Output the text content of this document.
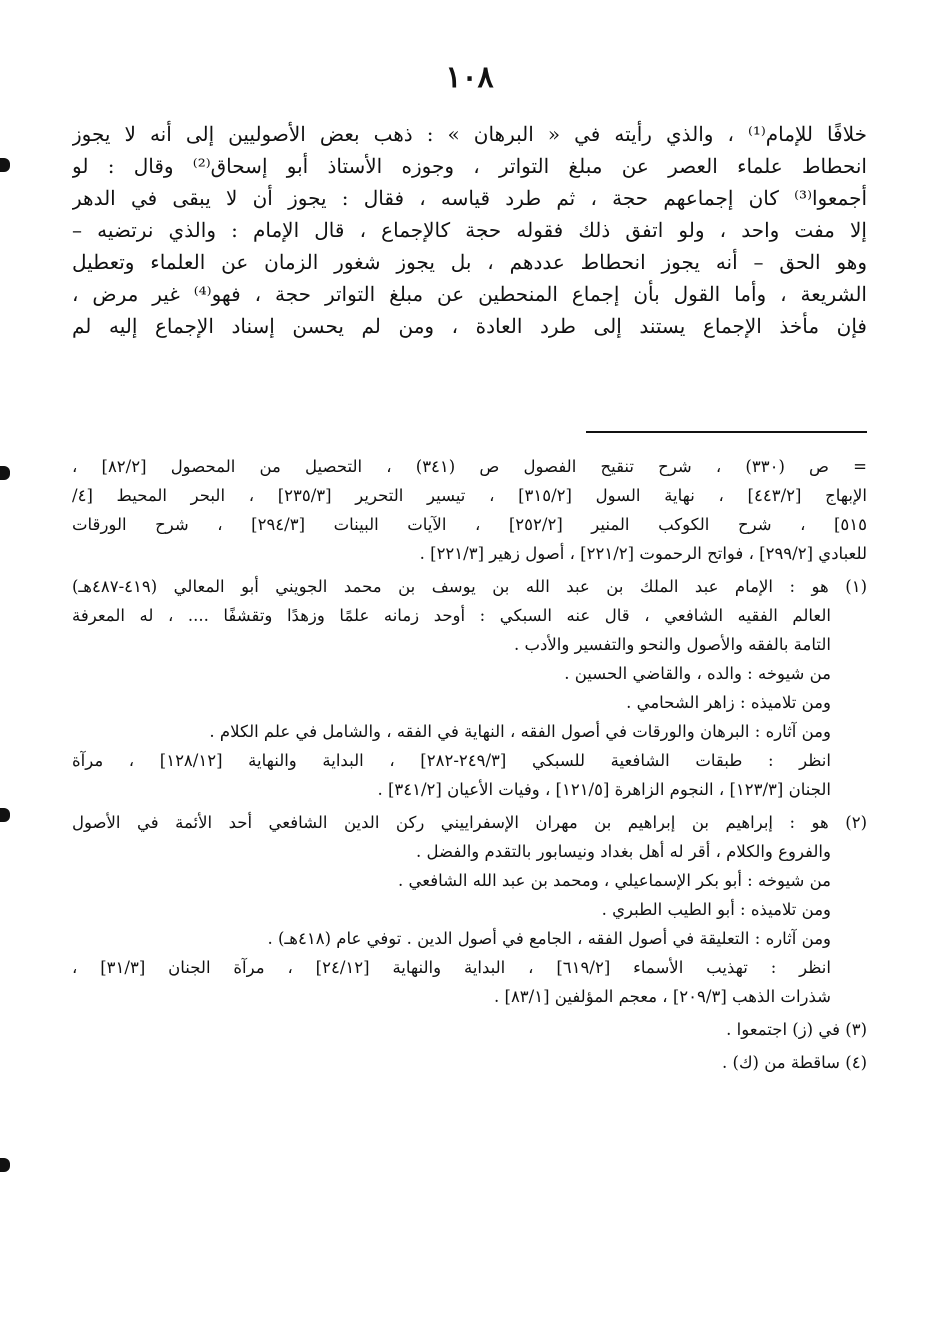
١٠٨
خلافًا للإمام⁽¹⁾ ، والذي رأيته في « البرهان » : ذهب بعض الأصوليين إلى أنه لا يجوز
انحطاط علماء العصر عن مبلغ التواتر ، وجوزه الأستاذ أبو إسحاق⁽²⁾ وقال : لو
أجمعوا⁽³⁾ كان إجماعهم حجة ، ثم طرد قياسه ، فقال : يجوز أن لا يبقى في الدهر
إلا مفت واحد ، ولو اتفق ذلك فقوله حجة كالإجماع ، قال الإمام : والذي نرتضيه –
وهو الحق – أنه يجوز انحطاط عددهم ، بل يجوز شغور الزمان عن العلماء وتعطيل
الشريعة ، وأما القول بأن إجماع المنحطين عن مبلغ التواتر حجة ، فهو⁽⁴⁾ غير مرض ،
فإن مأخذ الإجماع يستند إلى طرد العادة ، ومن لم يحسن إسناد الإجماع إليه لم
= ص (٣٣٠) ، شرح تنقيح الفصول ص (٣٤١) ، التحصيل من المحصول [٨٢/٢] ،
الإبهاج [٤٤٣/٢] ، نهاية السول [٣١٥/٢] ، تيسير التحرير [٢٣٥/٣] ، البحر المحيط [٤/
٥١٥] ، شرح الكوكب المنير [٢٥٢/٢] ، الآيات البينات [٢٩٤/٣] ، شرح الورقات
للعبادي [٢٩٩/٢] ، فواتح الرحموت [٢٢١/٢] ، أصول زهير [٢٢١/٣] .
(١) هو : الإمام عبد الملك بن عبد الله بن يوسف بن محمد الجويني أبو المعالي (٤١٩-٤٨٧هـ)
العالم الفقيه الشافعي ، قال عنه السبكي : أوحد زمانه علمًا وزهدًا وتقشفًا .... ، له المعرفة
التامة بالفقه والأصول والنحو والتفسير والأدب .
من شيوخه : والده ، والقاضي الحسين .
ومن تلاميذه : زاهر الشحامي .
ومن آثاره : البرهان والورقات في أصول الفقه ، النهاية في الفقه ، والشامل في علم الكلام .
انظر : طبقات الشافعية للسبكي [٢٤٩/٣-٢٨٢] ، البداية والنهاية [١٢٨/١٢] ، مرآة
الجنان [١٢٣/٣] ، النجوم الزاهرة [١٢١/٥] ، وفيات الأعيان [٣٤١/٢] .
(٢) هو : إبراهيم بن إبراهيم بن مهران الإسفراييني ركن الدين الشافعي أحد الأئمة في الأصول
والفروع والكلام ، أقر له أهل بغداد ونيسابور بالتقدم والفضل .
من شيوخه : أبو بكر الإسماعيلي ، ومحمد بن عبد الله الشافعي .
ومن تلاميذه : أبو الطيب الطبري .
ومن آثاره : التعليقة في أصول الفقه ، الجامع في أصول الدين . توفي عام (٤١٨هـ) .
انظر : تهذيب الأسماء [٦١٩/٢] ، البداية والنهاية [٢٤/١٢] ، مرآة الجنان [٣١/٣] ،
شذرات الذهب [٢٠٩/٣] ، معجم المؤلفين [٨٣/١] .
(٣) في (ز) اجتمعوا .
(٤) ساقطة من (ك) .
